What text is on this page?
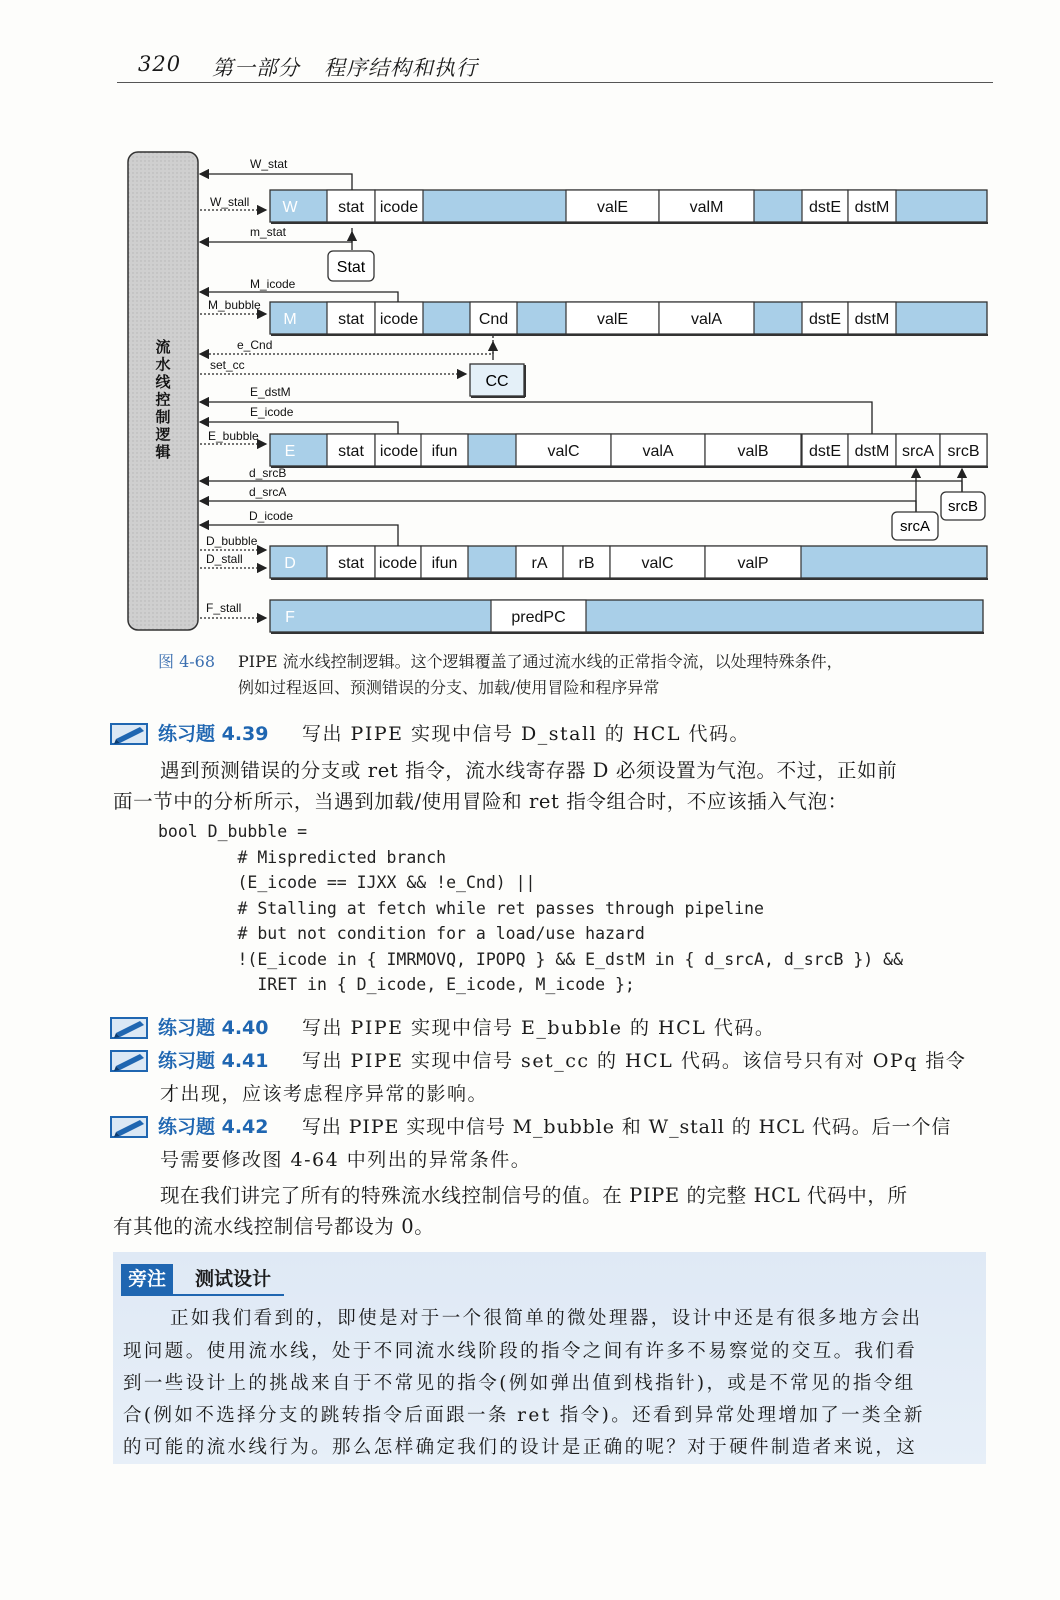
320 第一部分 程序结构和执行
流
水
线
控
制
逻
辑
W	stat icode	valE	valM	dstE dstM
M	stat icode	Cnd	valE	valA	dstE dstM
E	stat icode ifun	valC	valA	valB	dstE dstM srcA srcB
D	stat icode ifun	rA rB	valC	valP
F	predPC
W_stat
W_stall
m_stat
M_icode
M_bubble
e_Cnd
set_cc
E_dstM
E_icode
E_bubble
d_srcB
d_srcA
D_icode
D_bubble
D_stall
F_stall
Stat
CC
srcB
srcA
图 4-68 PIPE 流水线控制逻辑。这个逻辑覆盖了通过流水线的正常指令流，以处理特殊条件，
例如过程返回、预测错误的分支、加载/使用冒险和程序异常
练习题 4.39 写出 PIPE 实现中信号 D_stall 的 HCL 代码。
遇到预测错误的分支或 ret 指令，流水线寄存器 D 必须设置为气泡。不过，正如前
面一节中的分析所示，当遇到加载/使用冒险和 ret 指令组合时，不应该插入气泡：
bool D_bubble =
# Mispredicted branch
(E_icode == IJXX && !e_Cnd) ||
# Stalling at fetch while ret passes through pipeline
# but not condition for a load/use hazard
!(E_icode in { IMRMOVQ, IPOPQ } && E_dstM in { d_srcA, d_srcB }) &&
IRET in { D_icode, E_icode, M_icode };
练习题 4.40 写出 PIPE 实现中信号 E_bubble 的 HCL 代码。
练习题 4.41 写出 PIPE 实现中信号 set_cc 的 HCL 代码。该信号只有对 OPq 指令
才出现，应该考虑程序异常的影响。
练习题 4.42 写出 PIPE 实现中信号 M_bubble 和 W_stall 的 HCL 代码。后一个信
号需要修改图 4-64 中列出的异常条件。
现在我们讲完了所有的特殊流水线控制信号的值。在 PIPE 的完整 HCL 代码中，所
有其他的流水线控制信号都设为 0。
旁注	测试设计
正如我们看到的，即使是对于一个很简单的微处理器，设计中还是有很多地方会出
现问题。使用流水线，处于不同流水线阶段的指令之间有许多不易察觉的交互。我们看
到一些设计上的挑战来自于不常见的指令(例如弹出值到栈指针)，或是不常见的指令组
合(例如不选择分支的跳转指令后面跟一条 ret 指令)。还看到异常处理增加了一类全新
的可能的流水线行为。那么怎样确定我们的设计是正确的呢？对于硬件制造者来说，这
